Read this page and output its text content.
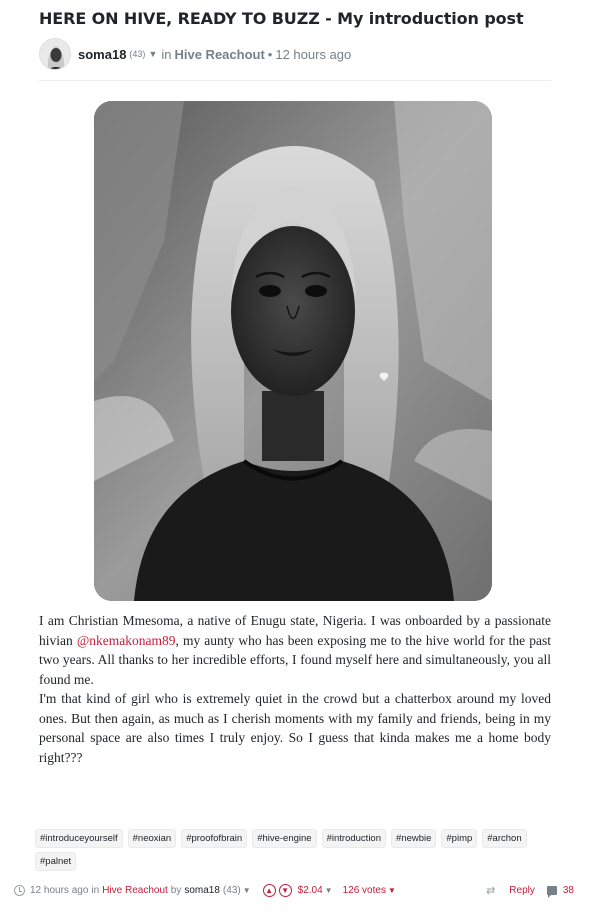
HERE ON HIVE, READY TO BUZZ - My introduction post
soma18 (43) ▼ in Hive Reachout • 12 hours ago

I am Christian Mmesoma, a native of Enugu state, Nigeria. I was onboarded by a passionate hivian @nkemakonam89, my aunty who has been exposing me to the hive world for the past two years. All thanks to her incredible efforts, I found myself here and simultaneously, you all found me.

I'm that kind of girl who is extremely quiet in the crowd but a chatterbox around my loved ones. But then again, as much as I cherish moments with my family and friends, being in my personal space are also times I truly enjoy. So I guess that kinda makes me a home body right???

#introduceyourself	#neoxian	#proofofbrain	#hive-engine	#introduction	#newbie	#pimp	#archon
#palnet
12 hours ago in Hive Reachout by soma18 (43) ▼	▲	▼ $2.04 ▼ 126 votes ▼	⇄ Reply	38
